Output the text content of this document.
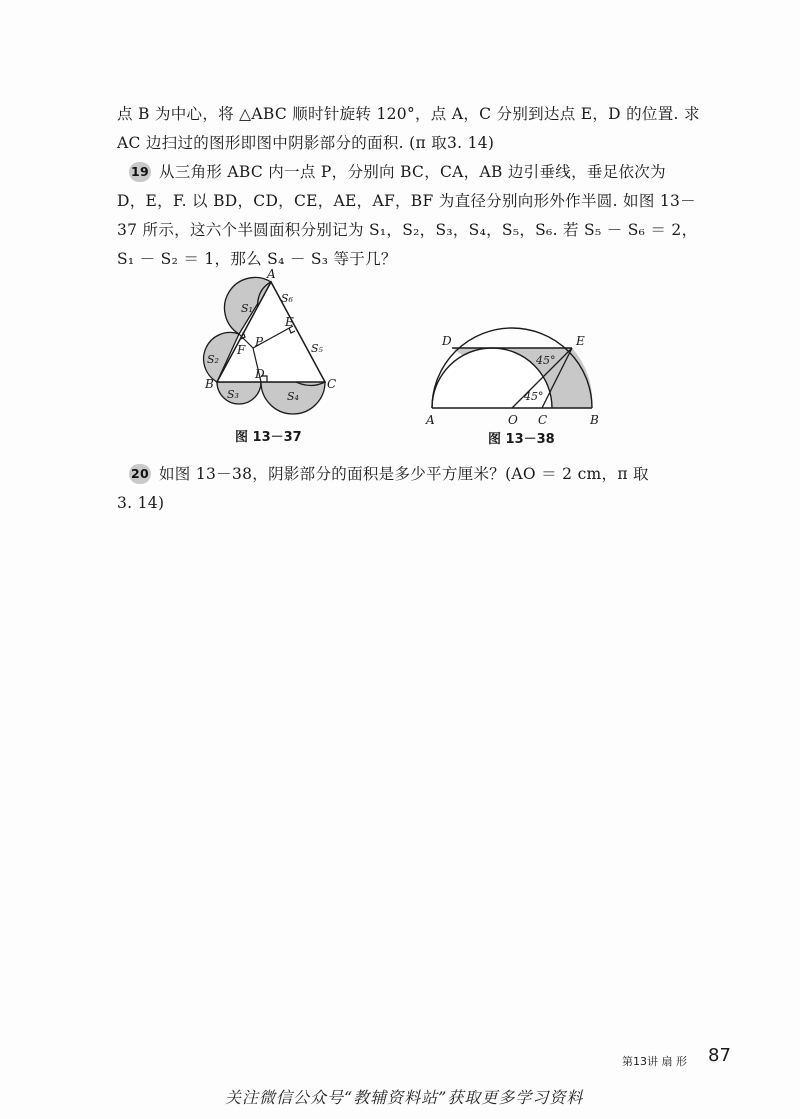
点 B 为中心，将 △ABC 顺时针旋转 120°，点 A，C 分别到达点 E，D 的位置. 求
AC 边扫过的图形即图中阴影部分的面积. (π 取3. 14)
19 从三角形 ABC 内一点 P，分别向 BC，CA，AB 边引垂线，垂足依次为
D，E，F. 以 BD，CD，CE，AE，AF，BF 为直径分别向形外作半圆. 如图 13－
37 所示，这六个半圆面积分别记为 S₁，S₂，S₃，S₄，S₅，S₆. 若 S₅ － S₆ ＝ 2，
S₁ － S₂ ＝ 1，那么 S₄ － S₃ 等于几？
A
B	C
D
E
F
P
S₁
S₂
S₃	S₄
S₅
S₆
图 13－37
A	O C	B
D	E
45°
45°
图 13－38
20 如图 13－38，阴影部分的面积是多少平方厘米？(AO ＝ 2 cm，π 取
3. 14)
第13讲 扇 形 87
关注微信公众号“教辅资料站”获取更多学习资料
